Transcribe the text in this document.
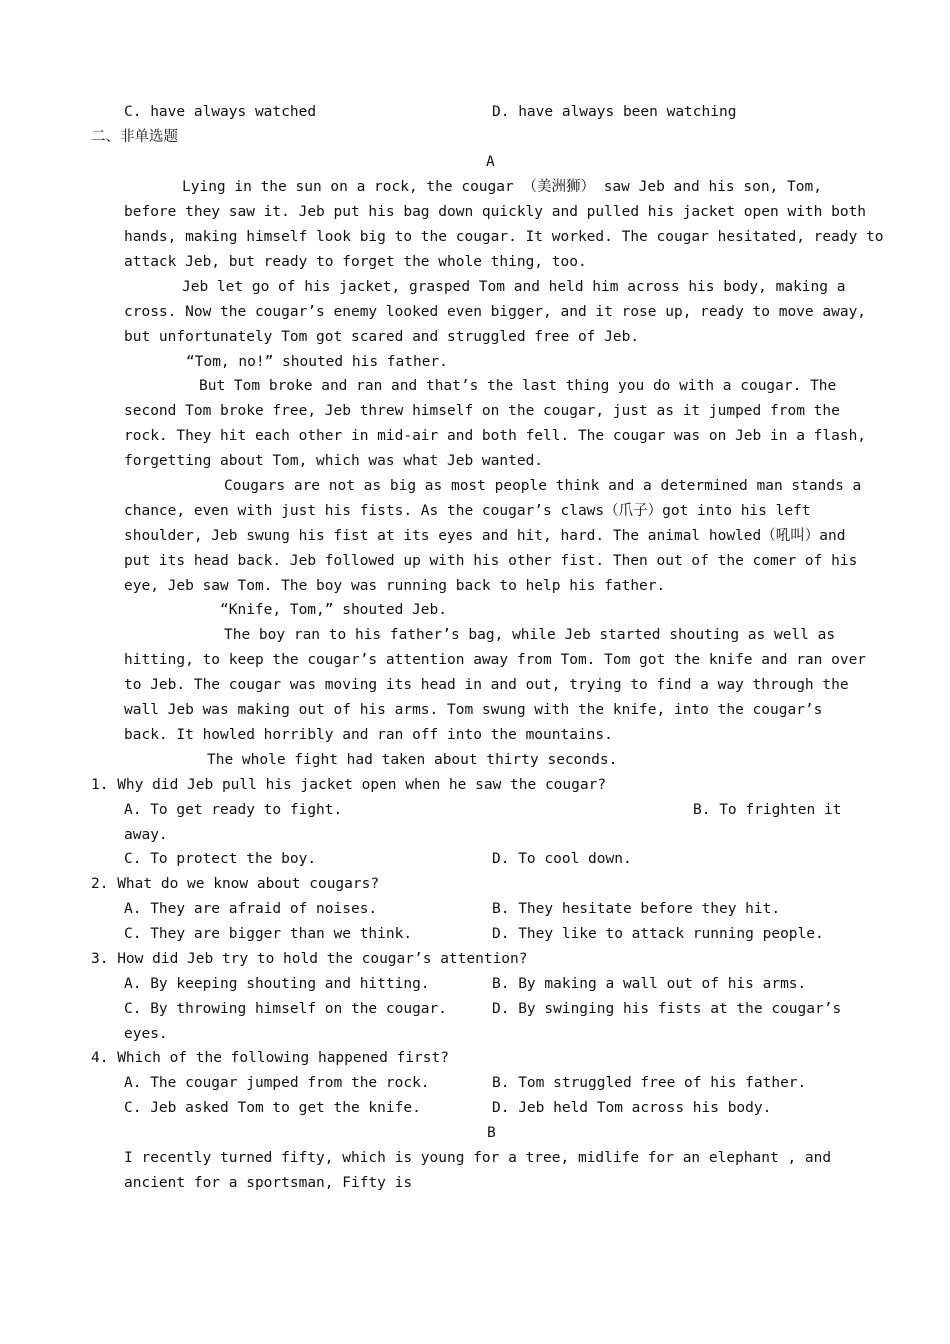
C. have always watched	D. have always been watching
二、非单选题
A
Lying in the sun on a rock, the cougar （美洲狮） saw Jeb and his son, Tom,
before they saw it. Jeb put his bag down quickly and pulled his jacket open with both
hands, making himself look big to the cougar. It worked. The cougar hesitated, ready to
attack Jeb, but ready to forget the whole thing, too.
Jeb let go of his jacket, grasped Tom and held him across his body, making a
cross. Now the cougar’s enemy looked even bigger, and it rose up, ready to move away,
but unfortunately Tom got scared and struggled free of Jeb.
“Tom, no!” shouted his father.
But Tom broke and ran and that’s the last thing you do with a cougar. The
second Tom broke free, Jeb threw himself on the cougar, just as it jumped from the
rock. They hit each other in mid-air and both fell. The cougar was on Jeb in a flash,
forgetting about Tom, which was what Jeb wanted.
Cougars are not as big as most people think and a determined man stands a
chance, even with just his fists. As the cougar’s claws（爪子）got into his left
shoulder, Jeb swung his fist at its eyes and hit, hard. The animal howled（吼叫）and
put its head back. Jeb followed up with his other fist. Then out of the comer of his
eye, Jeb saw Tom. The boy was running back to help his father.
“Knife, Tom,” shouted Jeb.
The boy ran to his father’s bag, while Jeb started shouting as well as
hitting, to keep the cougar’s attention away from Tom. Tom got the knife and ran over
to Jeb. The cougar was moving its head in and out, trying to find a way through the
wall Jeb was making out of his arms. Tom swung with the knife, into the cougar’s
back. It howled horribly and ran off into the mountains.
The whole fight had taken about thirty seconds.
1. Why did Jeb pull his jacket open when he saw the cougar?
A. To get ready to fight.	B. To frighten it
away.
C. To protect the boy.	D. To cool down.
2. What do we know about cougars?
A. They are afraid of noises.	B. They hesitate before they hit.
C. They are bigger than we think.	D. They like to attack running people.
3. How did Jeb try to hold the cougar’s attention?
A. By keeping shouting and hitting.	B. By making a wall out of his arms.
C. By throwing himself on the cougar.	D. By swinging his fists at the cougar’s
eyes.
4. Which of the following happened first?
A. The cougar jumped from the rock.	B. Tom struggled free of his father.
C. Jeb asked Tom to get the knife.	D. Jeb held Tom across his body.
B
I recently turned fifty, which is young for a tree, midlife for an elephant , and
ancient for a sportsman, Fifty is
